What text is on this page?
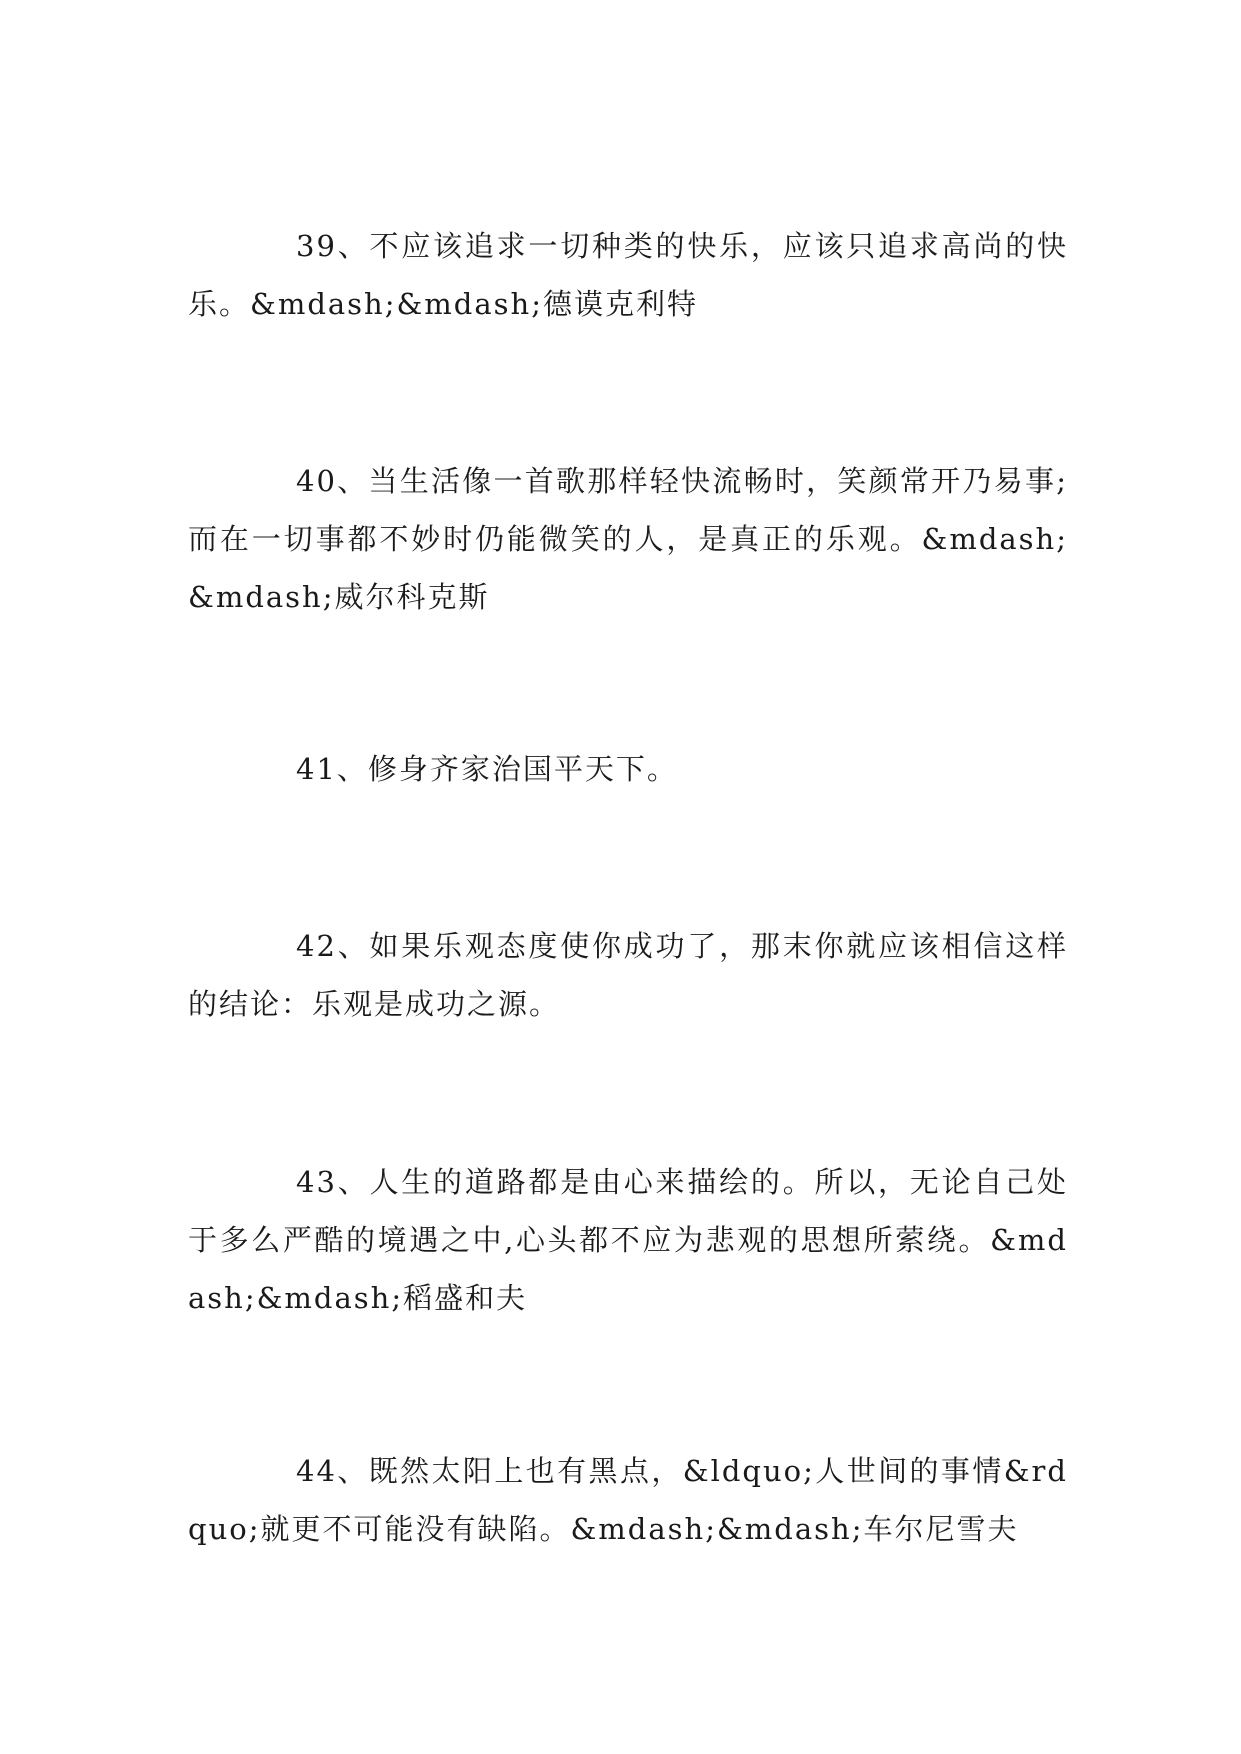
39、不应该追求一切种类的快乐，应该只追求高尚的快乐。&mdash;&mdash;德谟克利特

40、当生活像一首歌那样轻快流畅时，笑颜常开乃易事;而在一切事都不妙时仍能微笑的人，是真正的乐观。&mdash;&mdash;威尔科克斯

41、修身齐家治国平天下。

42、如果乐观态度使你成功了，那末你就应该相信这样的结论：乐观是成功之源。

43、人生的道路都是由心来描绘的。所以，无论自己处于多么严酷的境遇之中,心头都不应为悲观的思想所萦绕。&mdash;&mdash;稻盛和夫

44、既然太阳上也有黑点，&ldquo;人世间的事情&rdquo;就更不可能没有缺陷。&mdash;&mdash;车尔尼雪夫
